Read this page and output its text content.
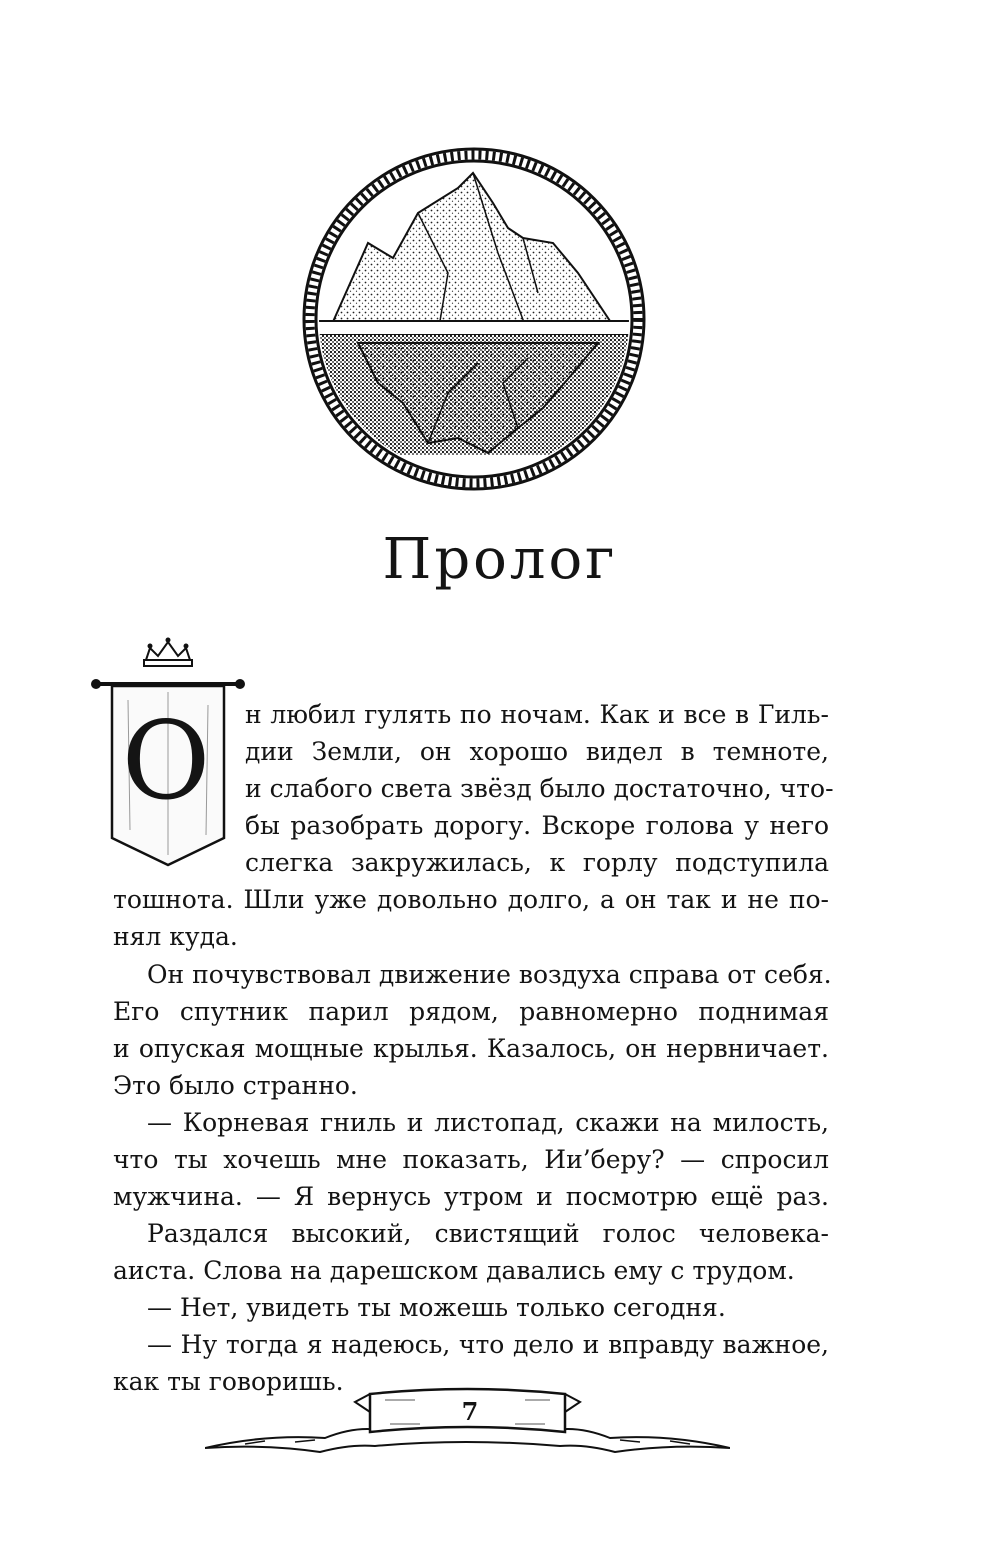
Пролог
О н любил гулять по ночам. Как и все в Гиль-
дии Земли, он хорошо видел в темноте,
и слабого света звёзд было достаточно, что-
бы разобрать дорогу. Вскоре голова у него
слегка закружилась, к горлу подступила
тошнота. Шли уже довольно долго, а он так и не по-
нял куда.
Он почувствовал движение воздуха справа от себя.
Его спутник парил рядом, равномерно поднимая
и опуская мощные крылья. Казалось, он нервничает.
Это было странно.
— Корневая гниль и листопад, скажи на милость,
что ты хочешь мне показать, Ии’беру? — спросил
мужчина. — Я вернусь утром и посмотрю ещё раз.
Раздался высокий, свистящий голос человека-
аиста. Слова на дарешском давались ему с трудом.
— Нет, увидеть ты можешь только сегодня.
— Ну тогда я надеюсь, что дело и вправду важное,
как ты говоришь.
7
